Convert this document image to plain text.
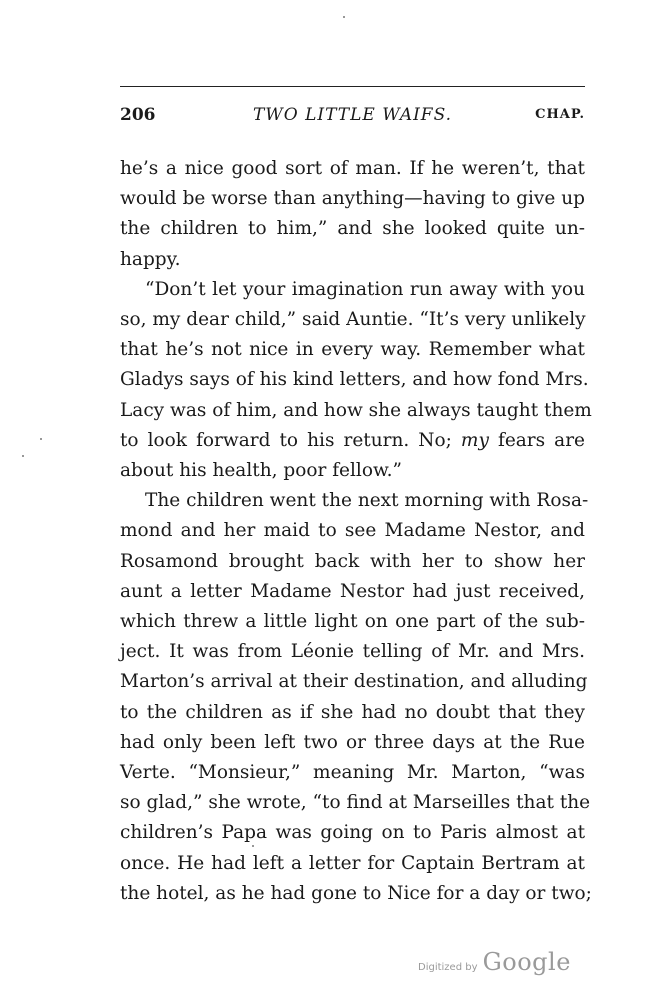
206	TWO LITTLE WAIFS.	CHAP.
he’s a nice good sort of man. If he weren’t, that
would be worse than anything—having to give up
the children to him,” and she looked quite un-
happy.
“Don’t let your imagination run away with you
so, my dear child,” said Auntie. “It’s very unlikely
that he’s not nice in every way. Remember what
Gladys says of his kind letters, and how fond Mrs.
Lacy was of him, and how she always taught them
to look forward to his return. No; my fears are
about his health, poor fellow.”
The children went the next morning with Rosa-
mond and her maid to see Madame Nestor, and
Rosamond brought back with her to show her
aunt a letter Madame Nestor had just received,
which threw a little light on one part of the sub-
ject. It was from Léonie telling of Mr. and Mrs.
Marton’s arrival at their destination, and alluding
to the children as if she had no doubt that they
had only been left two or three days at the Rue
Verte. “Monsieur,” meaning Mr. Marton, “was
so glad,” she wrote, “to find at Marseilles that the
children’s Papa was going on to Paris almost at
once. He had left a letter for Captain Bertram at
the hotel, as he had gone to Nice for a day or two;
Digitized by Google
